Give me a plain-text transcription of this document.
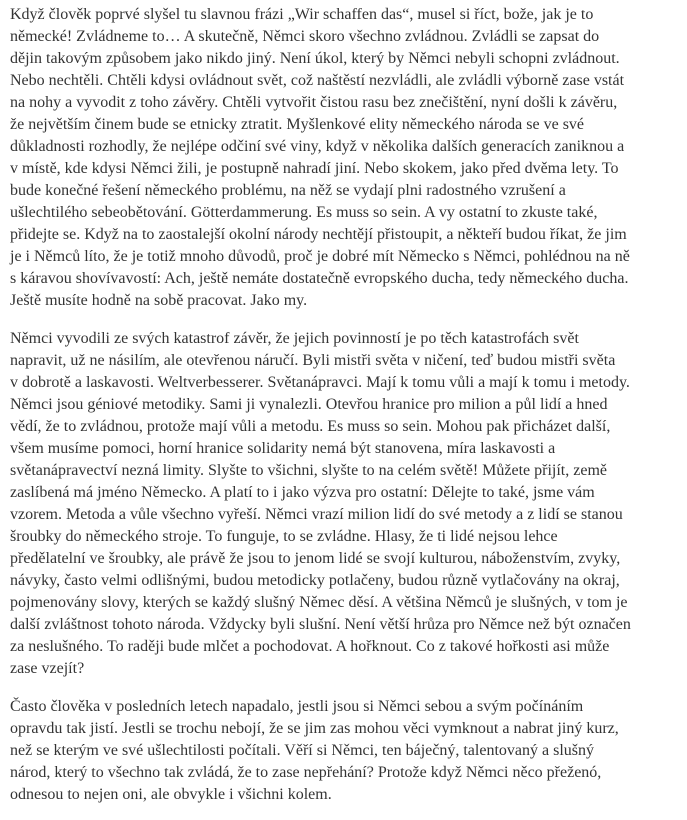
Když člověk poprvé slyšel tu slavnou frázi „Wir schaffen das“, musel si říct, bože, jak je to
německé! Zvládneme to… A skutečně, Němci skoro všechno zvládnou. Zvládli se zapsat do
dějin takovým způsobem jako nikdo jiný. Není úkol, který by Němci nebyli schopni zvládnout.
Nebo nechtěli. Chtěli kdysi ovládnout svět, což naštěstí nezvládli, ale zvládli výborně zase vstát
na nohy a vyvodit z toho závěry. Chtěli vytvořit čistou rasu bez znečištění, nyní došli k závěru,
že největším činem bude se etnicky ztratit. Myšlenkové elity německého národa se ve své
důkladnosti rozhodly, že nejlépe odčiní své viny, když v několika dalších generacích zaniknou a
v místě, kde kdysi Němci žili, je postupně nahradí jiní. Nebo skokem, jako před dvěma lety. To
bude konečné řešení německého problému, na něž se vydají plni radostného vzrušení a
ušlechtilého sebeobětování. Götterdammerung. Es muss so sein. A vy ostatní to zkuste také,
přidejte se. Když na to zaostalejší okolní národy nechtějí přistoupit, a někteří budou říkat, že jim
je i Němců líto, že je totiž mnoho důvodů, proč je dobré mít Německo s Němci, pohlédnou na ně
s káravou shovívavostí: Ach, ještě nemáte dostatečně evropského ducha, tedy německého ducha.
Ještě musíte hodně na sobě pracovat. Jako my.

Němci vyvodili ze svých katastrof závěr, že jejich povinností je po těch katastrofách svět
napravit, už ne násilím, ale otevřenou náručí. Byli mistři světa v ničení, teď budou mistři světa
v dobrotě a laskavosti. Weltverbesserer. Světanápravci. Mají k tomu vůli a mají k tomu i metody.
Němci jsou géniové metodiky. Sami ji vynalezli. Otevřou hranice pro milion a půl lidí a hned
vědí, že to zvládnou, protože mají vůli a metodu. Es muss so sein. Mohou pak přicházet další,
všem musíme pomoci, horní hranice solidarity nemá být stanovena, míra laskavosti a
světanápravectví nezná limity. Slyšte to všichni, slyšte to na celém světě! Můžete přijít, země
zaslíbená má jméno Německo. A platí to i jako výzva pro ostatní: Dělejte to také, jsme vám
vzorem. Metoda a vůle všechno vyřeší. Němci vrazí milion lidí do své metody a z lidí se stanou
šroubky do německého stroje. To funguje, to se zvládne. Hlasy, že ti lidé nejsou lehce
předělatelní ve šroubky, ale právě že jsou to jenom lidé se svojí kulturou, náboženstvím, zvyky,
návyky, často velmi odlišnými, budou metodicky potlačeny, budou různě vytlačovány na okraj,
pojmenovány slovy, kterých se každý slušný Němec děsí. A většina Němců je slušných, v tom je
další zvláštnost tohoto národa. Vždycky byli slušní. Není větší hrůza pro Němce než být označen
za neslušného. To raději bude mlčet a pochodovat. A hořknout. Co z takové hořkosti asi může
zase vzejít?

Často člověka v posledních letech napadalo, jestli jsou si Němci sebou a svým počínáním
opravdu tak jistí. Jestli se trochu nebojí, že se jim zas mohou věci vymknout a nabrat jiný kurz,
než se kterým ve své ušlechtilosti počítali. Věří si Němci, ten báječný, talentovaný a slušný
národ, který to všechno tak zvládá, že to zase nepřehání? Protože když Němci něco přeženó,
odnesou to nejen oni, ale obvykle i všichni kolem.
